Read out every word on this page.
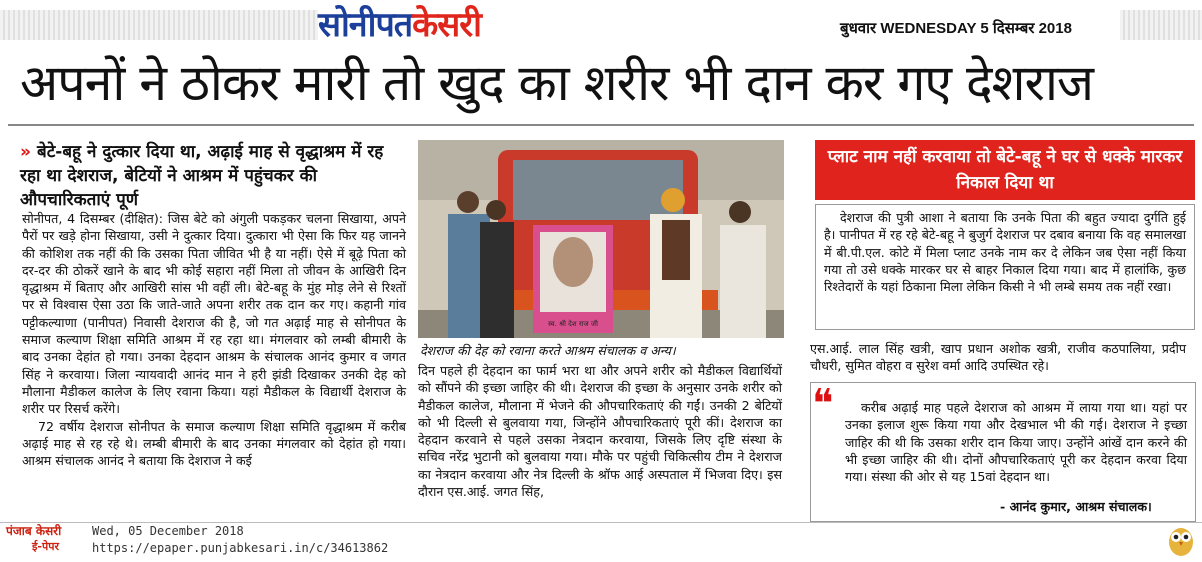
सोनीपतकेसरी	बुधवार WEDNESDAY 5 दिसम्बर 2018
अपनों ने ठोकर मारी तो खुद का शरीर भी दान कर गए देशराज
» बेटे-बहू ने दुत्कार दिया था, अढ़ाई माह से वृद्धाश्रम में रह रहा था देशराज, बेटियों ने आश्रम में पहुंचकर की औपचारिकताएं पूर्ण

सोनीपत, 4 दिसम्बर (दीक्षित): जिस बेटे को अंगुली पकड़कर चलना सिखाया, अपने पैरों पर खड़े होना सिखाया, उसी ने दुत्कार दिया। दुत्कारा भी ऐसा कि फिर यह जानने की कोशिश तक नहीं की कि उसका पिता जीवित भी है या नहीं। ऐसे में बूढ़े पिता को दर-दर की ठोकरें खाने के बाद भी कोई सहारा नहीं मिला तो जीवन के आखिरी दिन वृद्धाश्रम में बिताए और आखिरी सांस भी वहीं ली। बेटे-बहू के मुंह मोड़ लेने से रिश्तों पर से विश्वास ऐसा उठा कि जाते-जाते अपना शरीर तक दान कर गए। कहानी गांव पट्टीकल्याणा (पानीपत) निवासी देशराज की है, जो गत अढ़ाई माह से सोनीपत के समाज कल्याण शिक्षा समिति आश्रम में रह रहा था। मंगलवार को लम्बी बीमारी के बाद उनका देहांत हो गया। उनका देहदान आश्रम के संचालक आनंद कुमार व जगत सिंह ने करवाया। जिला न्यायवादी आनंद मान ने हरी झंडी दिखाकर उनकी देह को मौलाना मैडीकल कालेज के लिए रवाना किया। यहां मैडीकल के विद्यार्थी देशराज के शरीर पर रिसर्च करेंगे।

72 वर्षीय देशराज सोनीपत के समाज कल्याण शिक्षा समिति वृद्धाश्रम में करीब अढ़ाई माह से रह रहे थे। लम्बी बीमारी के बाद उनका मंगलवार को देहांत हो गया। आश्रम संचालक आनंद ने बताया कि देशराज ने कई

स्व. श्री देश राज जी
देशराज की देह को रवाना करते आश्रम संचालक व अन्य।

दिन पहले ही देहदान का फार्म भरा था और अपने शरीर को मैडीकल विद्यार्थियों को सौंपने की इच्छा जाहिर की थी। देशराज की इच्छा के अनुसार उनके शरीर को मैडीकल कालेज, मौलाना में भेजने की औपचारिकताएं की गईं। उनकी 2 बेटियों को भी दिल्ली से बुलवाया गया, जिन्होंने औपचारिकताएं पूरी कीं। देशराज का देहदान करवाने से पहले उसका नेत्रदान करवाया, जिसके लिए दृष्टि संस्था के सचिव नरेंद्र भुटानी को बुलवाया गया। मौके पर पहुंची चिकित्सीय टीम ने देशराज का नेत्रदान करवाया और नेत्र दिल्ली के श्रॉफ आई अस्पताल में भिजवा दिए। इस दौरान एस.आई. जगत सिंह,

प्लाट नाम नहीं करवाया तो बेटे-बहू ने घर से धक्के मारकर निकाल दिया था

देशराज की पुत्री आशा ने बताया कि उनके पिता की बहुत ज्यादा दुर्गति हुई है। पानीपत में रह रहे बेटे-बहू ने बुजुर्ग देशराज पर दबाव बनाया कि वह समालखा में बी.पी.एल. कोटे में मिला प्लाट उनके नाम कर दे लेकिन जब ऐसा नहीं किया गया तो उसे धक्के मारकर घर से बाहर निकाल दिया गया। बाद में हालांकि, कुछ रिश्तेदारों के यहां ठिकाना मिला लेकिन किसी ने भी लम्बे समय तक नहीं रखा।

एस.आई. लाल सिंह खत्री, खाप प्रधान अशोक खत्री, राजीव कठपालिया, प्रदीप चौधरी, सुमित वोहरा व सुरेश वर्मा आदि उपस्थित रहे।

करीब अढ़ाई माह पहले देशराज को आश्रम में लाया गया था। यहां पर उनका इलाज शुरू किया गया और देखभाल भी की गई। देशराज ने इच्छा जाहिर की थी कि उसका शरीर दान किया जाए। उन्होंने आंखें दान करने की भी इच्छा जाहिर की थी। दोनों औपचारिकताएं पूरी कर देहदान करवा दिया गया। संस्था की ओर से यह 15वां देहदान था।

❝
- आनंद कुमार, आश्रम संचालक।
पंजाब केसरी
ई-पेपर
Wed, 05 December 2018
https://epaper.punjabkesari.in/c/34613862
